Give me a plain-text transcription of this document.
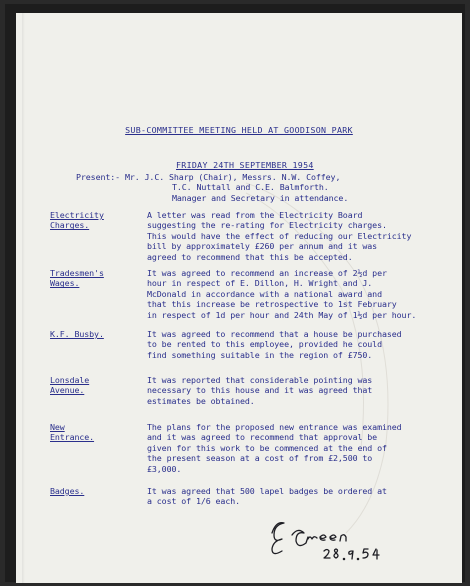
SUB-COMMITTEE MEETING HELD AT GOODISON PARK
FRIDAY 24TH SEPTEMBER 1954
Present:- Mr. J.C. Sharp (Chair), Messrs. N.W. Coffey,
T.C. Nuttall and C.E. Balmforth.
Manager and Secretary in attendance.
Electricity
Charges.
A letter was read from the Electricity Board
suggesting the re-rating for Electricity charges.
This would have the effect of reducing our Electricity
bill by approximately £260 per annum and it was
agreed to recommend that this be accepted.
Tradesmen's
Wages.
It was agreed to recommend an increase of 2½d per
hour in respect of E. Dillon, H. Wright and J.
McDonald in accordance with a national award and
that this increase be retrospective to 1st February
in respect of 1d per hour and 24th May of 1½d per hour.
K.F. Busby.	It was agreed to recommend that a house be purchased
to be rented to this employee, provided he could
find something suitable in the region of £750.
Lonsdale
Avenue.
It was reported that considerable pointing was
necessary to this house and it was agreed that
estimates be obtained.
New
Entrance.
The plans for the proposed new entrance was examined
and it was agreed to recommend that approval be
given for this work to be commenced at the end of
the present season at a cost of from £2,500 to
£3,000.
Badges.	It was agreed that 500 lapel badges be ordered at
a cost of 1/6 each.
